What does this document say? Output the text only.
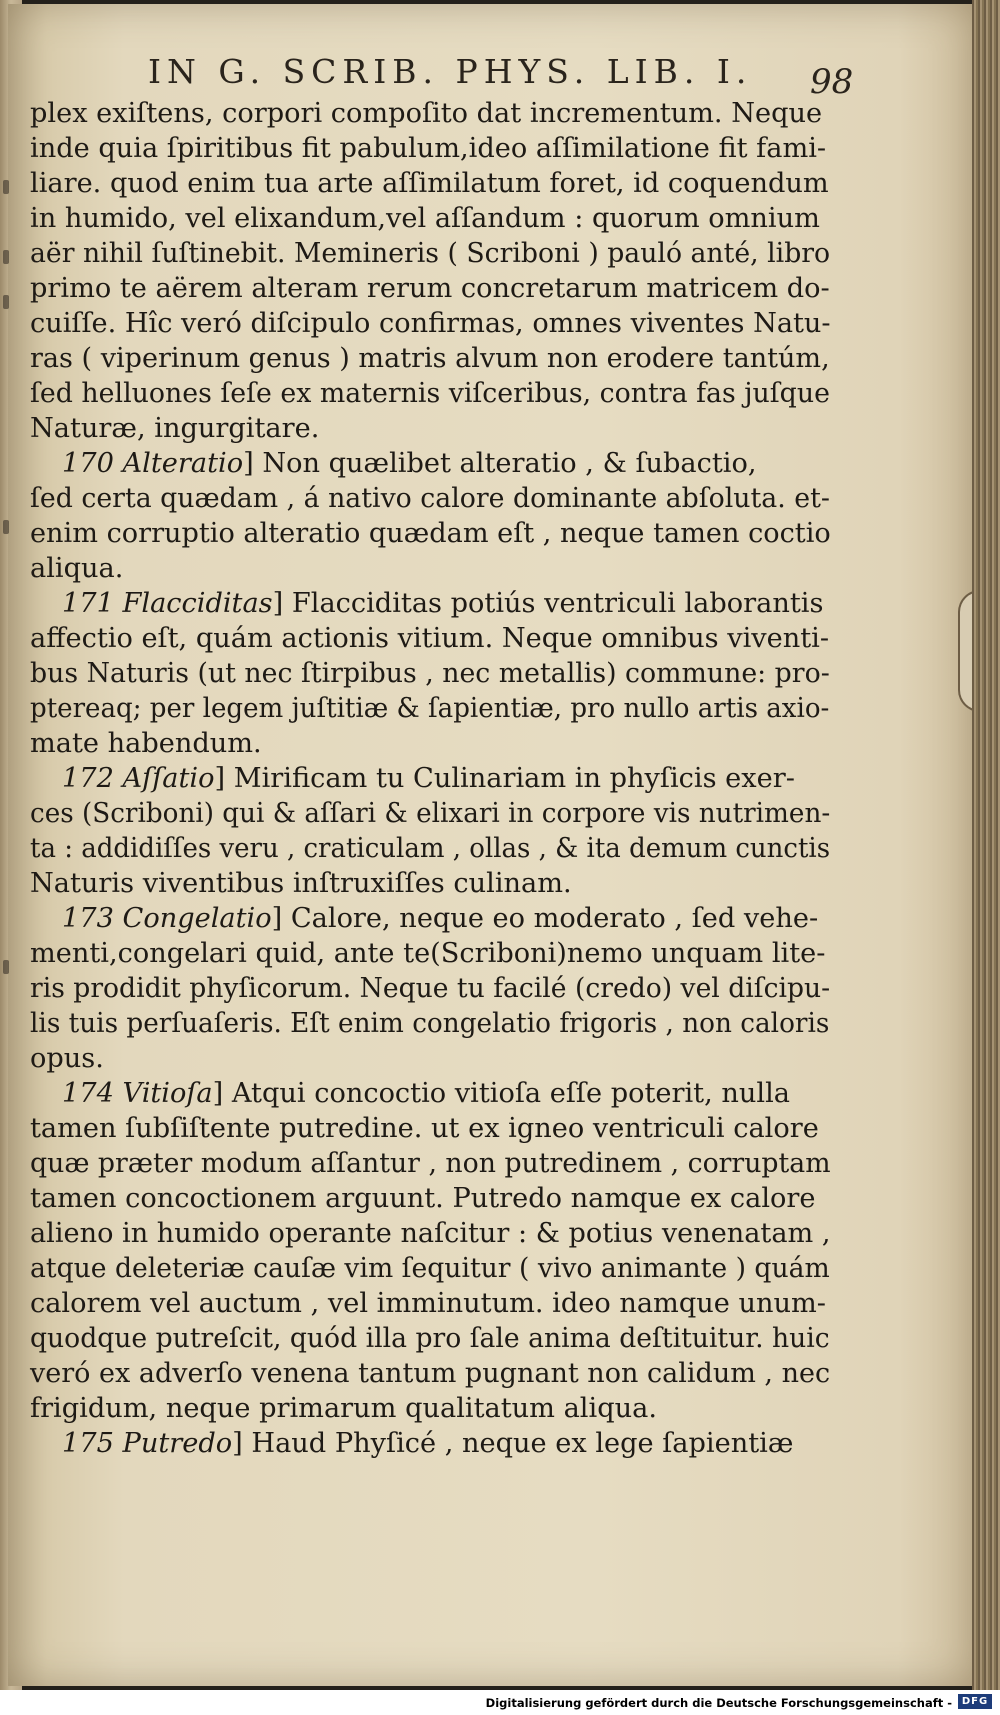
IN G. SCRIB. PHYS. LIB. I. 98
plex exiſtens, corpori compoſito dat incrementum. Neque
inde quia ſpiritibus fit pabulum,ideo aſſimilatione fit fami-
liare. quod enim tua arte aſſimilatum foret, id coquendum
in humido, vel elixandum,vel aſſandum : quorum omnium
aër nihil ſuſtinebit. Memineris ( Scriboni ) pauló anté, libro
primo te aërem alteram rerum concretarum matricem do-
cuiſſe. Hîc veró diſcipulo confirmas, omnes viventes Natu-
ras ( viperinum genus ) matris alvum non erodere tantúm,
ſed helluones ſeſe ex maternis viſceribus, contra fas juſque
Naturæ, ingurgitare.
170 Alteratio] Non quælibet alteratio , & ſubactio,
ſed certa quædam , á nativo calore dominante abſoluta. et-
enim corruptio alteratio quædam eſt , neque tamen coctio
aliqua.
171 Flacciditas] Flacciditas potiús ventriculi laborantis
affectio eſt, quám actionis vitium. Neque omnibus viventi-
bus Naturis (ut nec ſtirpibus , nec metallis) commune: pro-
ptereaq; per legem juſtitiæ & ſapientiæ, pro nullo artis axio-
mate habendum.
172 Aſſatio] Mirificam tu Culinariam in phyſicis exer-
ces (Scriboni) qui & aſſari & elixari in corpore vis nutrimen-
ta : addidiſſes veru , craticulam , ollas , & ita demum cunctis
Naturis viventibus inſtruxiſſes culinam.
173 Congelatio] Calore, neque eo moderato , ſed vehe-
menti,congelari quid, ante te(Scriboni)nemo unquam lite-
ris prodidit phyſicorum. Neque tu facilé (credo) vel diſcipu-
lis tuis perſuaſeris. Eſt enim congelatio frigoris , non caloris
opus.
174 Vitioſa] Atqui concoctio vitioſa eſſe poterit, nulla
tamen ſubſiſtente putredine. ut ex igneo ventriculi calore
quæ præter modum aſſantur , non putredinem , corruptam
tamen concoctionem arguunt. Putredo namque ex calore
alieno in humido operante naſcitur : & potius venenatam ,
atque deleteriæ cauſæ vim ſequitur ( vivo animante ) quám
calorem vel auctum , vel imminutum. ideo namque unum-
quodque putreſcit, quód illa pro ſale anima deſtituitur. huic
veró ex adverſo venena tantum pugnant non calidum , nec
frigidum, neque primarum qualitatum aliqua.
175 Putredo] Haud Phyſicé , neque ex lege ſapientiæ
Digitalisierung gefördert durch die Deutsche Forschungsgemeinschaft - DFG
